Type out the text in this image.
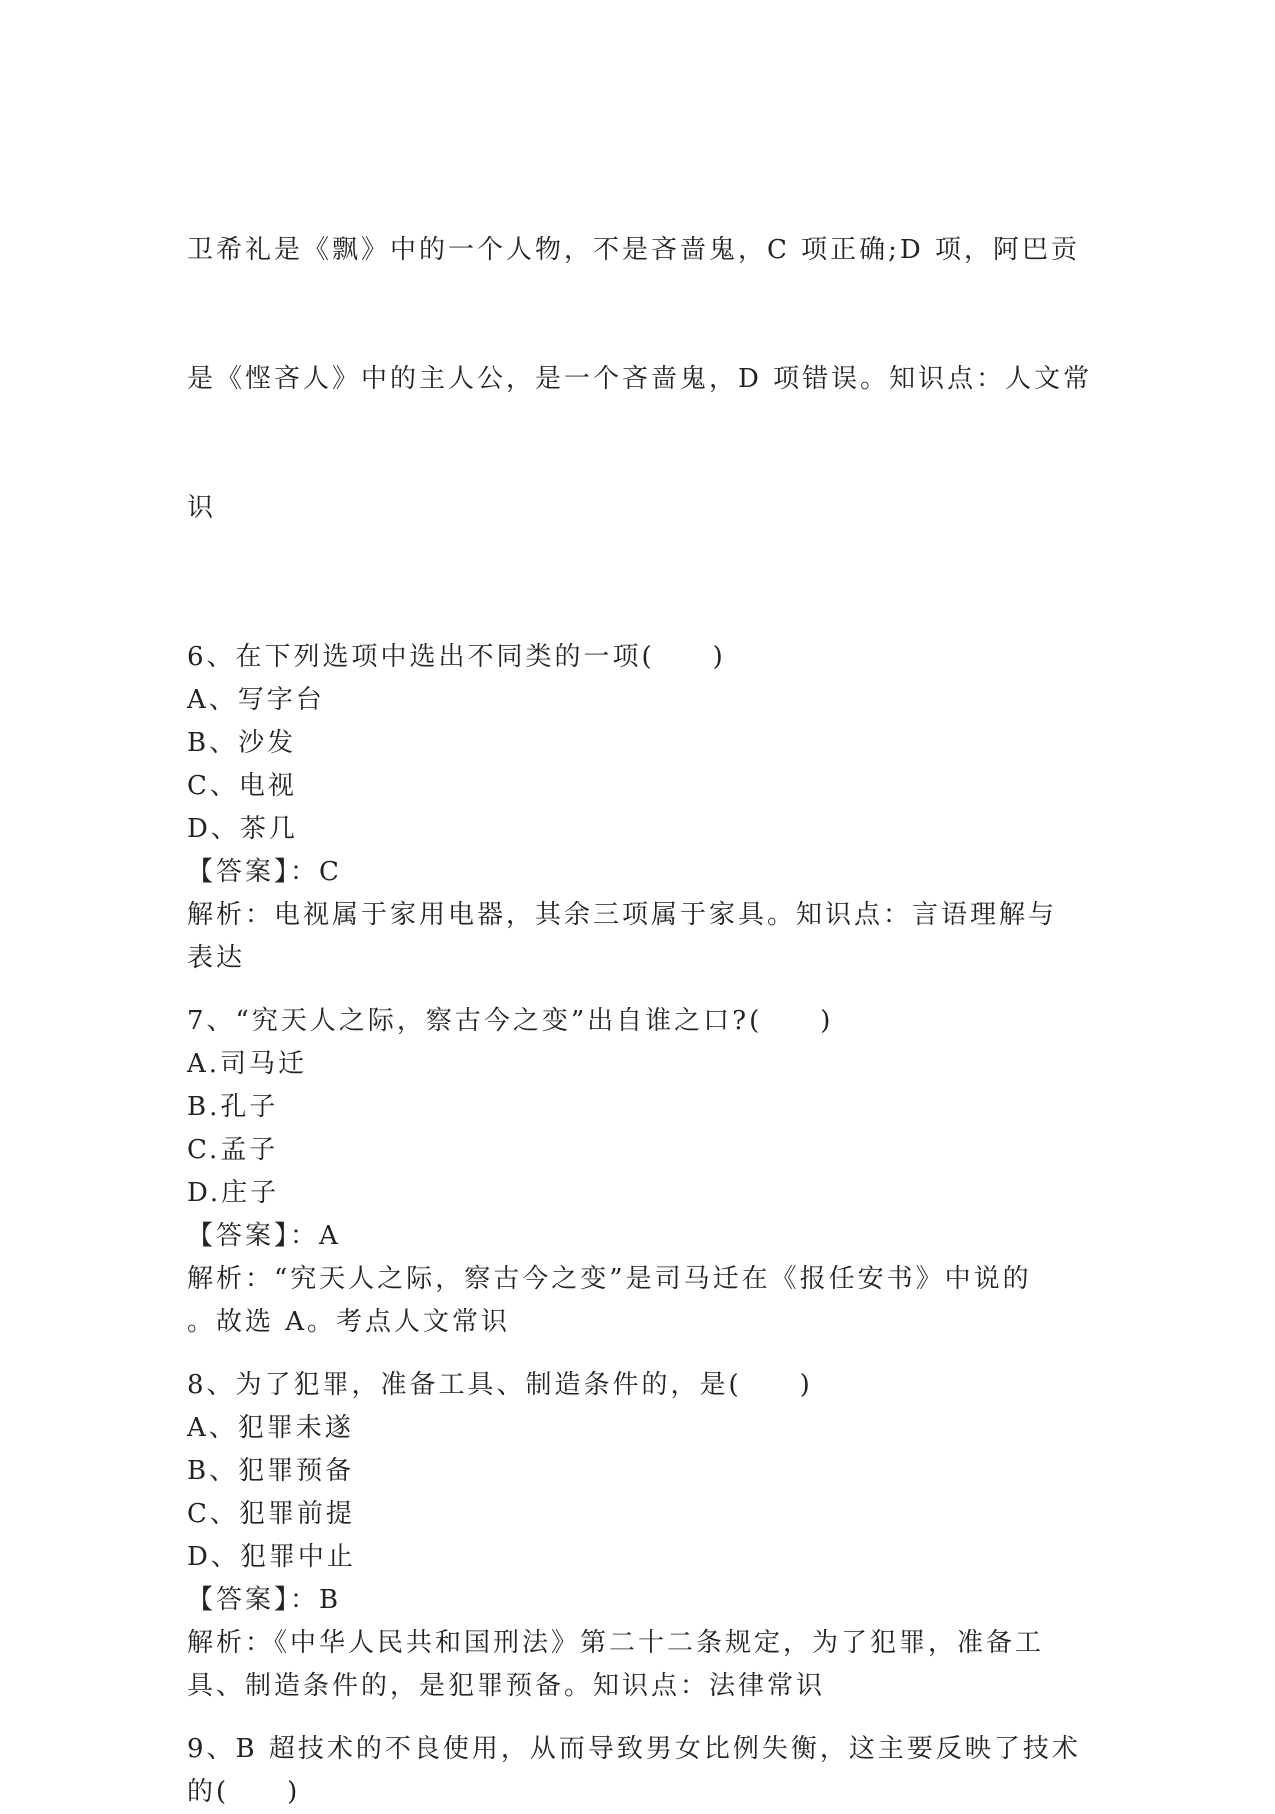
卫希礼是《飘》中的一个人物，不是吝啬鬼，C 项正确;D 项，阿巴贡

是《悭吝人》中的主人公，是一个吝啬鬼，D 项错误。知识点：人文常

识

6、在下列选项中选出不同类的一项(　　)
A、写字台
B、沙发
C、电视
D、茶几
【答案】：C
解析：电视属于家用电器，其余三项属于家具。知识点：言语理解与
表达
7、“究天人之际，察古今之变”出自谁之口?(　　)
A.司马迁
B.孔子
C.孟子
D.庄子
【答案】：A
解析：“究天人之际，察古今之变”是司马迁在《报任安书》中说的
。故选 A。考点人文常识
8、为了犯罪，准备工具、制造条件的，是(　　)
A、犯罪未遂
B、犯罪预备
C、犯罪前提
D、犯罪中止
【答案】：B
解析：《中华人民共和国刑法》第二十二条规定，为了犯罪，准备工
具、制造条件的，是犯罪预备。知识点：法律常识
9、B 超技术的不良使用，从而导致男女比例失衡，这主要反映了技术
的(　　)
